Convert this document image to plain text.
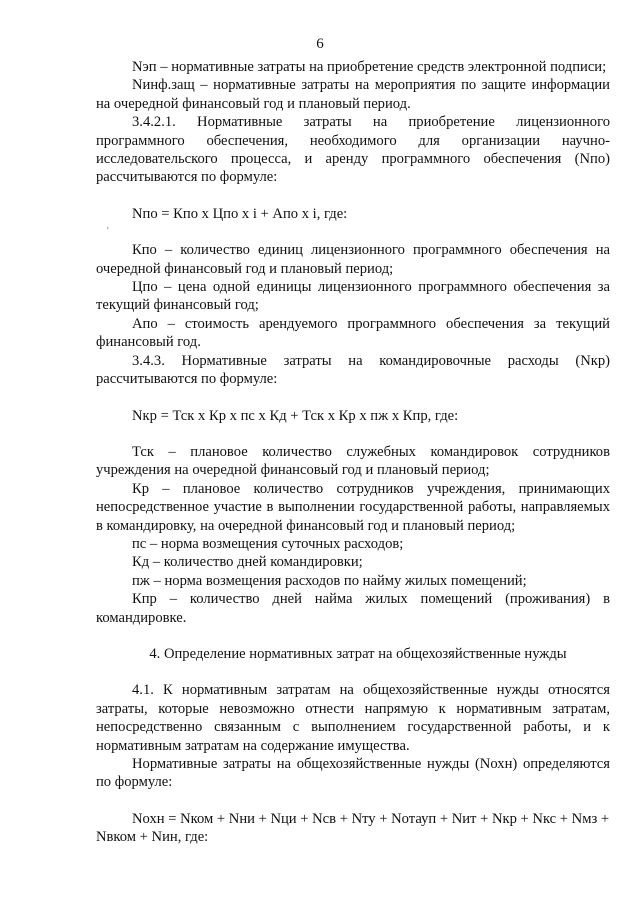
6
'

Nэп – нормативные затраты на приобретение средств электронной подписи;

Nинф.защ – нормативные затраты на мероприятия по защите информации на очередной финансовый год и плановый период.

3.4.2.1. Нормативные затраты на приобретение лицензионного программного обеспечения, необходимого для организации научно-исследовательского процесса, и аренду программного обеспечения (Nпо) рассчитываются по формуле:

Nпо = Кпо х Цпо х i + Апо х i, где:

Кпо – количество единиц лицензионного программного обеспечения на очередной финансовый год и плановый период;

Цпо – цена одной единицы лицензионного программного обеспечения за текущий финансовый год;

Апо – стоимость арендуемого программного обеспечения за текущий финансовый год.

3.4.3. Нормативные затраты на командировочные расходы (Nкр) рассчитываются по формуле:

Nкр = Тск х Кр х пс х Кд + Тск х Кр х пж х Кпр, где:

Тск – плановое количество служебных командировок сотрудников учреждения на очередной финансовый год и плановый период;

Кр – плановое количество сотрудников учреждения, принимающих непосредственное участие в выполнении государственной работы, направляемых в командировку, на очередной финансовый год и плановый период;

пс – норма возмещения суточных расходов;

Кд – количество дней командировки;

пж – норма возмещения расходов по найму жилых помещений;

Кпр – количество дней найма жилых помещений (проживания) в командировке.

4. Определение нормативных затрат на общехозяйственные нужды

4.1. К нормативным затратам на общехозяйственные нужды относятся затраты, которые невозможно отнести напрямую к нормативным затратам, непосредственно связанным с выполнением государственной работы, и к нормативным затратам на содержание имущества.

Нормативные затраты на общехозяйственные нужды (Nохн) определяются по формуле:

Nохн = Nком + Nни + Nци + Nсв + Nту + Nотауп + Nит + Nкр + Nкс + Nмз + Nвком + Nин, где:
